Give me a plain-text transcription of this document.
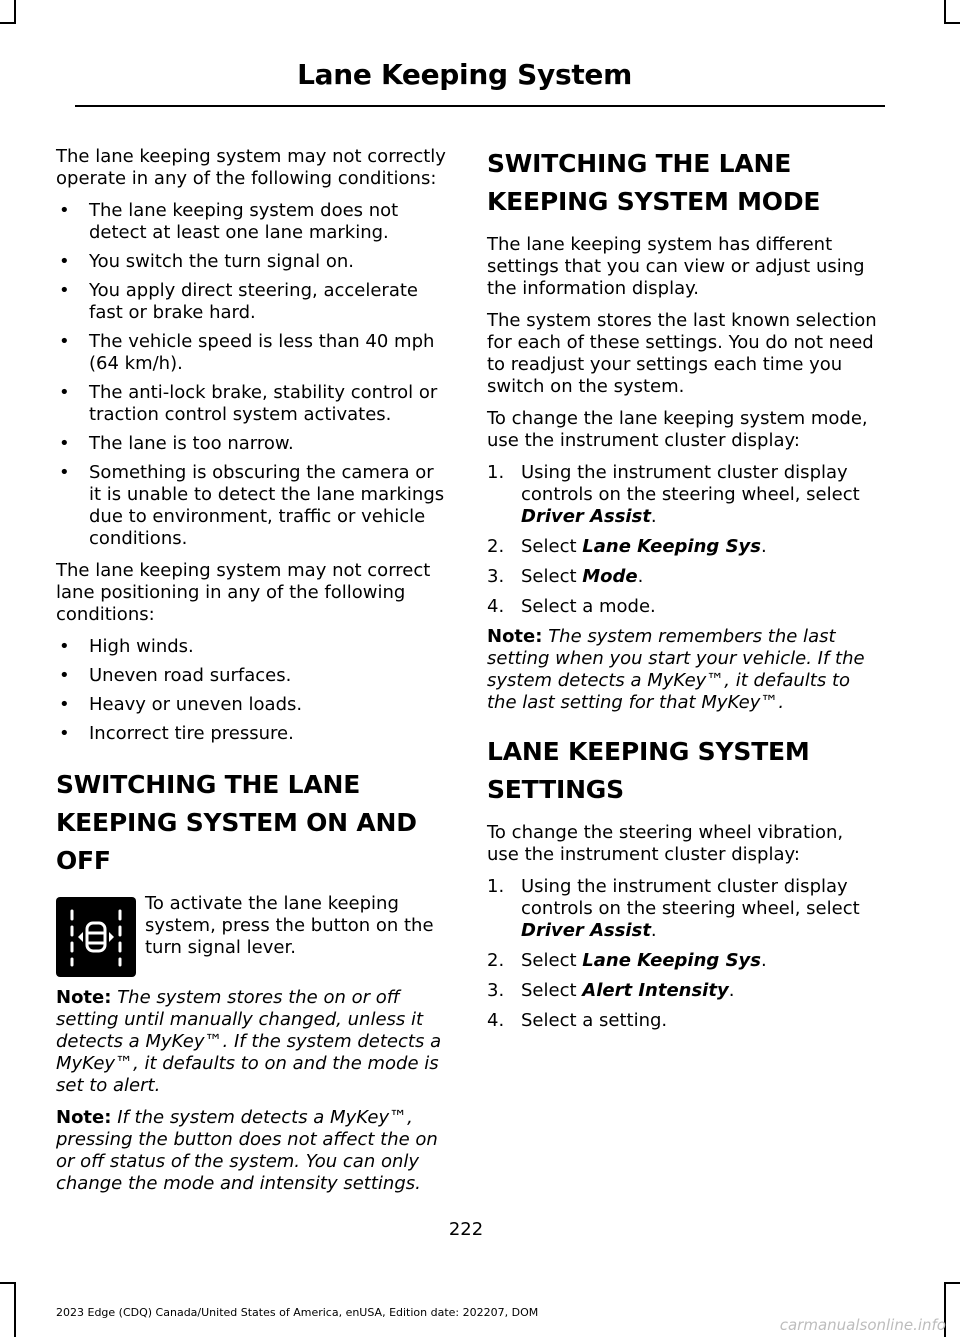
Lane Keeping System

The lane keeping system may not correctly operate in any of the following conditions:

• The lane keeping system does not detect at least one lane marking.
• You switch the turn signal on.
• You apply direct steering, accelerate fast or brake hard.
• The vehicle speed is less than 40 mph (64 km/h).
• The anti-lock brake, stability control or traction control system activates.
• The lane is too narrow.
• Something is obscuring the camera or it is unable to detect the lane markings due to environment, traffic or vehicle conditions.

The lane keeping system may not correct lane positioning in any of the following conditions:

• High winds.
• Uneven road surfaces.
• Heavy or uneven loads.
• Incorrect tire pressure.
SWITCHING THE LANE
KEEPING SYSTEM ON AND
OFF
To activate the lane keeping system, press the button on the turn signal lever.

Note: The system stores the on or off setting until manually changed, unless it detects a MyKey™. If the system detects a MyKey™, it defaults to on and the mode is set to alert.

Note: If the system detects a MyKey™, pressing the button does not affect the on or off status of the system. You can only change the mode and intensity settings.

SWITCHING THE LANE
KEEPING SYSTEM MODE

The lane keeping system has different settings that you can view or adjust using the information display.

The system stores the last known selection for each of these settings. You do not need to readjust your settings each time you switch on the system.

To change the lane keeping system mode, use the instrument cluster display:

1. Using the instrument cluster display controls on the steering wheel, select Driver Assist.
2. Select Lane Keeping Sys.
3. Select Mode.
4. Select a mode.

Note: The system remembers the last setting when you start your vehicle. If the system detects a MyKey™, it defaults to the last setting for that MyKey™.

LANE KEEPING SYSTEM
SETTINGS

To change the steering wheel vibration, use the instrument cluster display:

1. Using the instrument cluster display controls on the steering wheel, select Driver Assist.
2. Select Lane Keeping Sys.
3. Select Alert Intensity.
4. Select a setting.
222
2023 Edge (CDQ) Canada/United States of America, enUSA, Edition date: 202207, DOM
carmanualsonline.info
